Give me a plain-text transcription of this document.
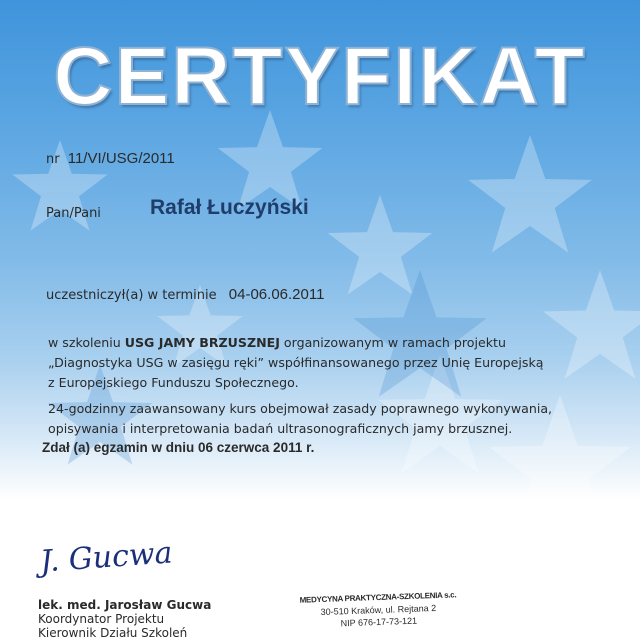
CERTYFIKAT
nr 11/VI/USG/2011
Pan/Pani Rafał Łuczyński
uczestniczył(a) w terminie 04-06.06.2011

w szkoleniu USG JAMY BRZUSZNEJ organizowanym w ramach projektu

„Diagnostyka USG w zasięgu ręki” współfinansowanego przez Unię Europejską

z Europejskiego Funduszu Społecznego.

24-godzinny zaawansowany kurs obejmował zasady poprawnego wykonywania,

opisywania i interpretowania badań ultrasonograficznych jamy brzusznej.

Zdał (a) egzamin w dniu 06 czerwca 2011 r.

J. Gucwa
lek. med. Jarosław Gucwa
Koordynator Projektu
Kierownik Działu Szkoleń
MEDYCYNA PRAKTYCZNA-SZKOLENIA s.c.
30-510 Kraków, ul. Rejtana 2
NIP 676-17-73-121
